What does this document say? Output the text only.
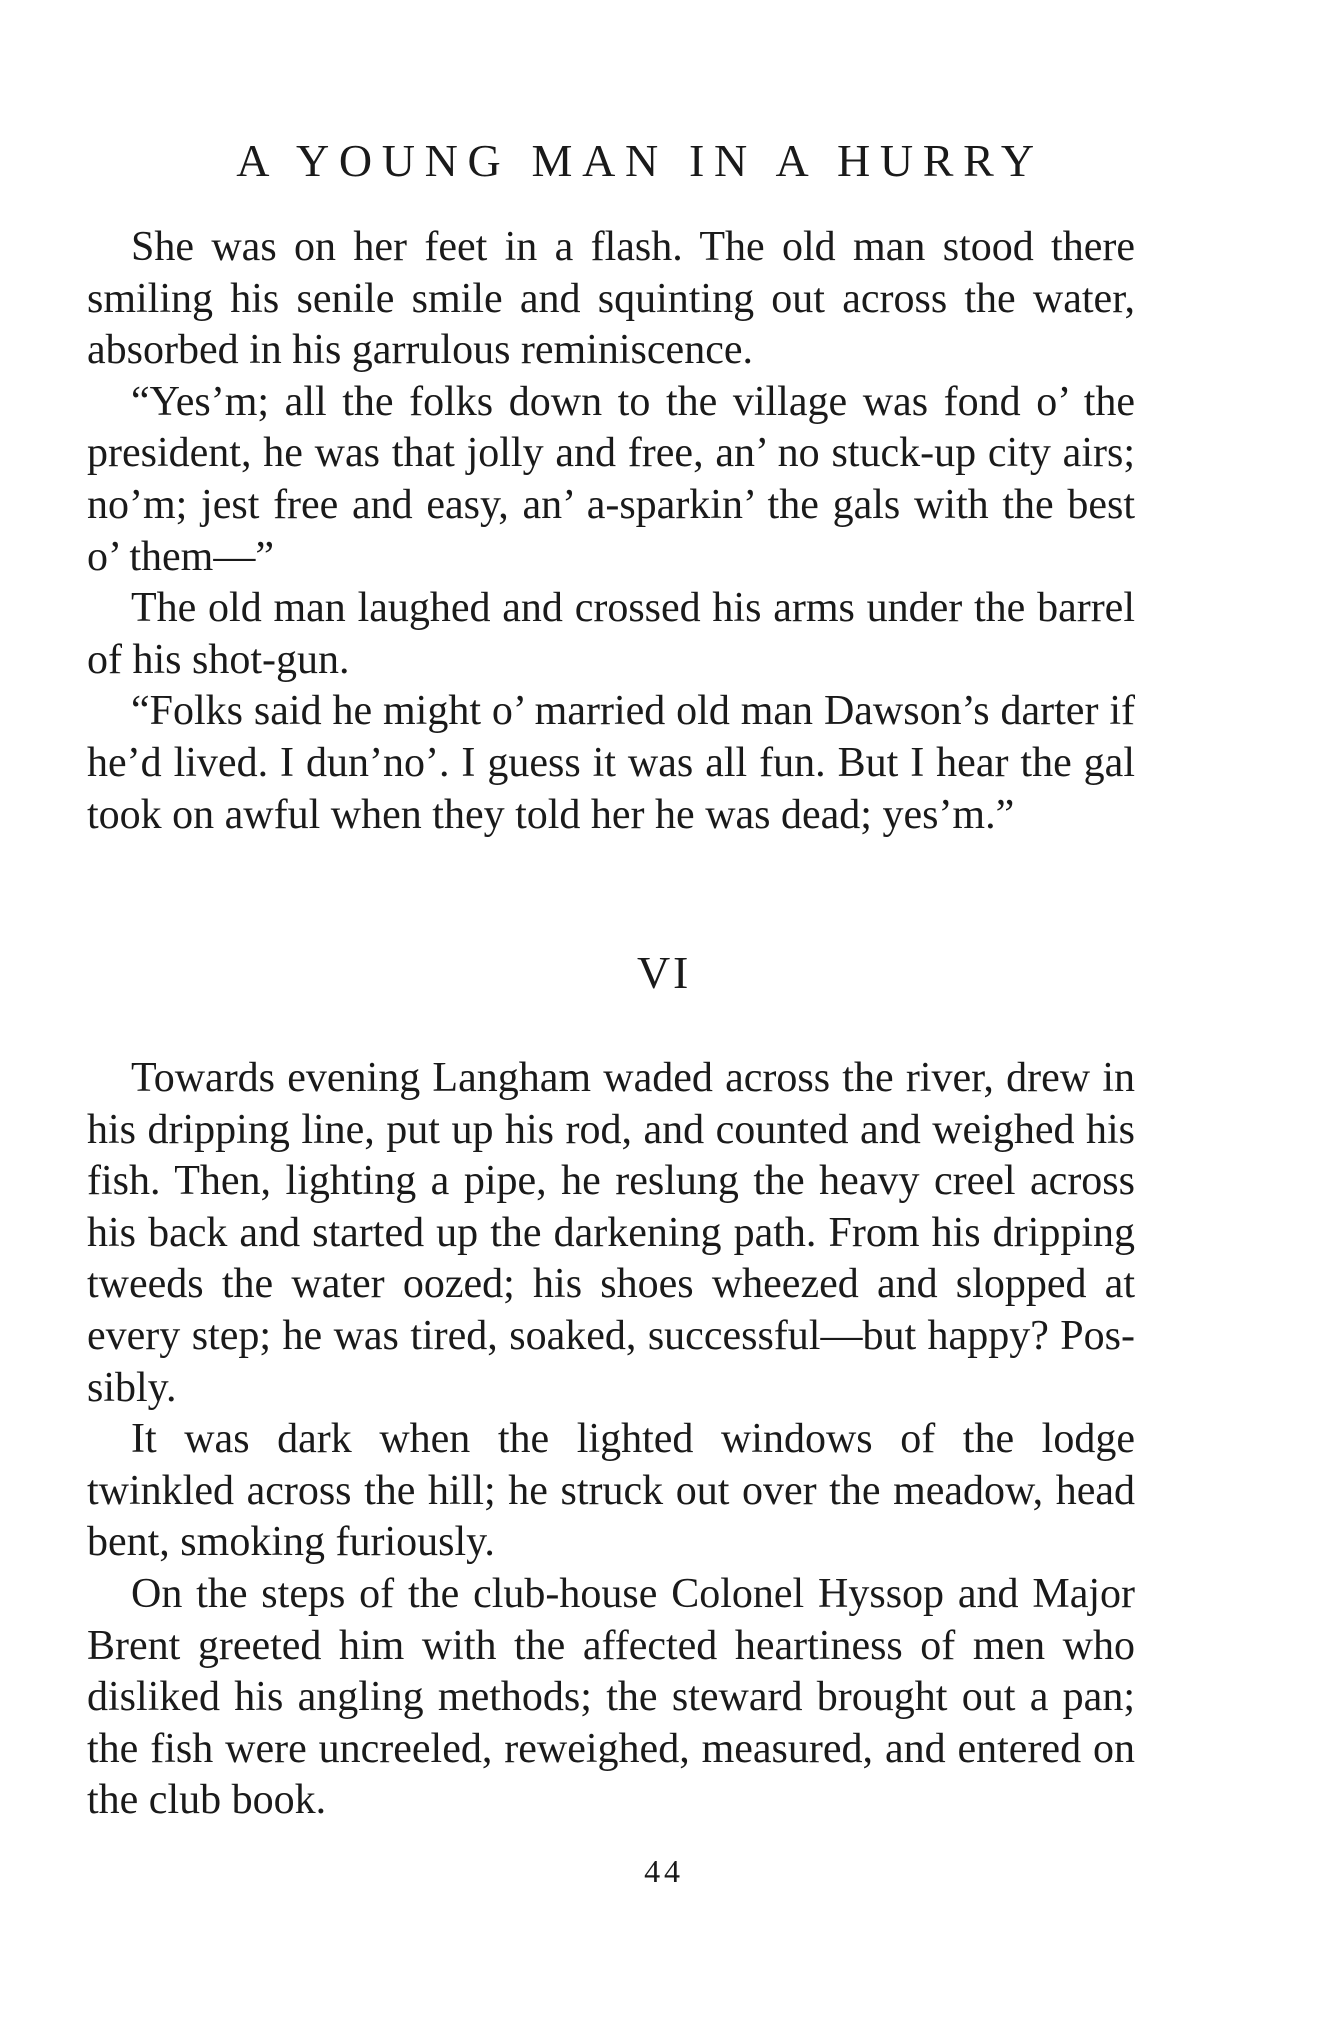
A YOUNG MAN IN A HURRY

She was on her feet in a flash. The old man stood there smiling his senile smile and squinting out across the water, absorbed in his garrulous reminiscence.

“Yes’m; all the folks down to the village was fond o’ the president, he was that jolly and free, an’ no stuck-up city airs; no’m; jest free and easy, an’ a-sparkin’ the gals with the best o’ them—”

The old man laughed and crossed his arms under the barrel of his shot-gun.

“Folks said he might o’ married old man Dawson’s darter if he’d lived. I dun’no’. I guess it was all fun. But I hear the gal took on awful when they told her he was dead; yes’m.”

VI

Towards evening Langham waded across the river, drew in his dripping line, put up his rod, and counted and weighed his fish. Then, lighting a pipe, he reslung the heavy creel across his back and started up the darkening path. From his dripping tweeds the water oozed; his shoes wheezed and slopped at every step; he was tired, soaked, successful—but happy? Possibly.

It was dark when the lighted windows of the lodge twinkled across the hill; he struck out over the meadow, head bent, smoking furiously.

On the steps of the club-house Colonel Hyssop and Major Brent greeted him with the affected heartiness of men who disliked his angling methods; the steward brought out a pan; the fish were uncreeled, reweighed, measured, and entered on the club book.

44
